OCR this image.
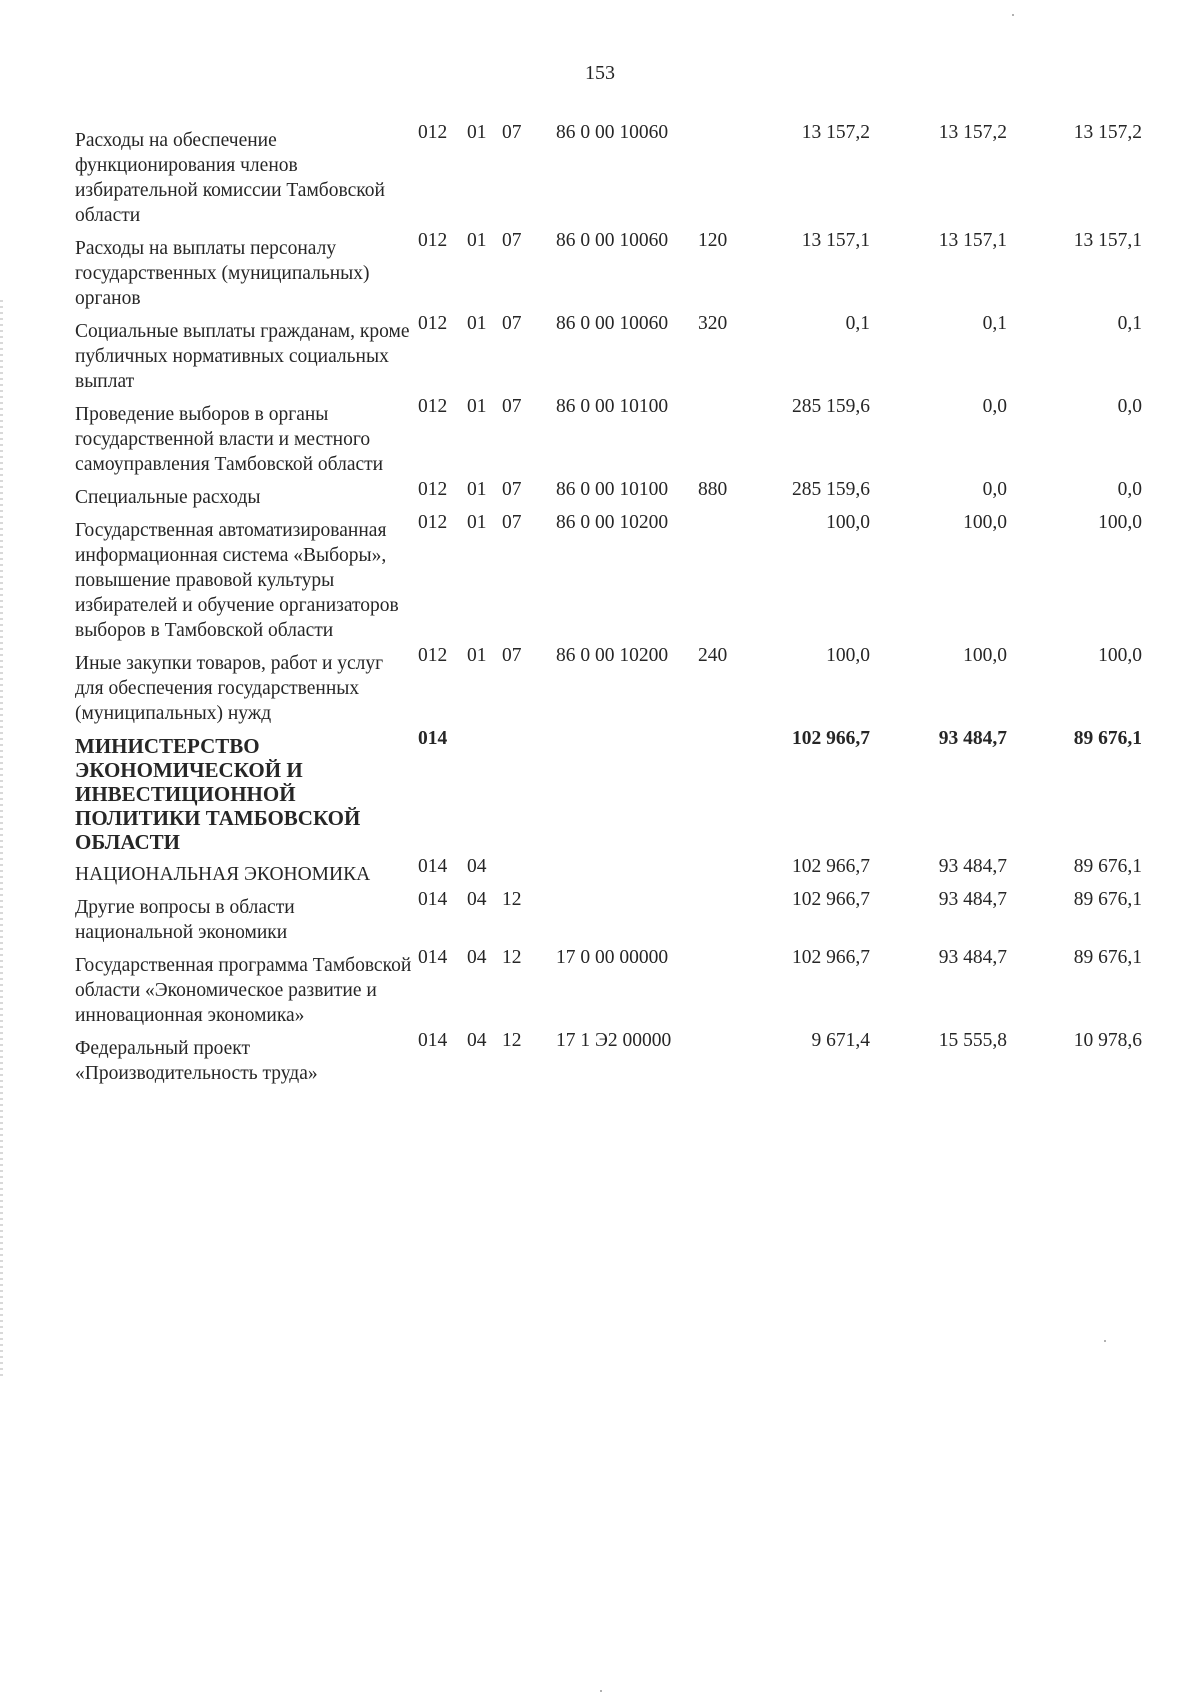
153
Расходы на обеспечение функционирования членов избирательной комиссии Тамбовской области
012 01 07 86 0 00 10060	13 157,2	13 157,2	13 157,2
Расходы на выплаты персоналу государственных (муниципальных) органов
012 01 07 86 0 00 10060 120	13 157,1	13 157,1	13 157,1
Социальные выплаты гражданам, кроме публичных нормативных социальных выплат
012 01 07 86 0 00 10060 320	0,1	0,1	0,1
Проведение выборов в органы государственной власти и местного самоуправления Тамбовской области
012 01 07 86 0 00 10100	285 159,6	0,0	0,0
Специальные расходы	012 01 07 86 0 00 10100 880	285 159,6	0,0	0,0
Государственная автоматизированная информационная система «Выборы», повышение правовой культуры избирателей и обучение организаторов выборов в Тамбовской области
012 01 07 86 0 00 10200	100,0	100,0	100,0
Иные закупки товаров, работ и услуг для обеспечения государственных (муниципальных) нужд
012 01 07 86 0 00 10200 240	100,0	100,0	100,0
МИНИСТЕРСТВО ЭКОНОМИЧЕСКОЙ И ИНВЕСТИЦИОННОЙ ПОЛИТИКИ ТАМБОВСКОЙ ОБЛАСТИ
014	102 966,7	93 484,7	89 676,1
НАЦИОНАЛЬНАЯ ЭКОНОМИКА	014 04	102 966,7	93 484,7	89 676,1
Другие вопросы в области национальной экономики
014 04 12	102 966,7	93 484,7	89 676,1
Государственная программа Тамбовской области «Экономическое развитие и инновационная экономика»
014 04 12 17 0 00 00000	102 966,7	93 484,7	89 676,1
Федеральный проект «Производительность труда»
014 04 12 17 1 Э2 00000	9 671,4	15 555,8	10 978,6
